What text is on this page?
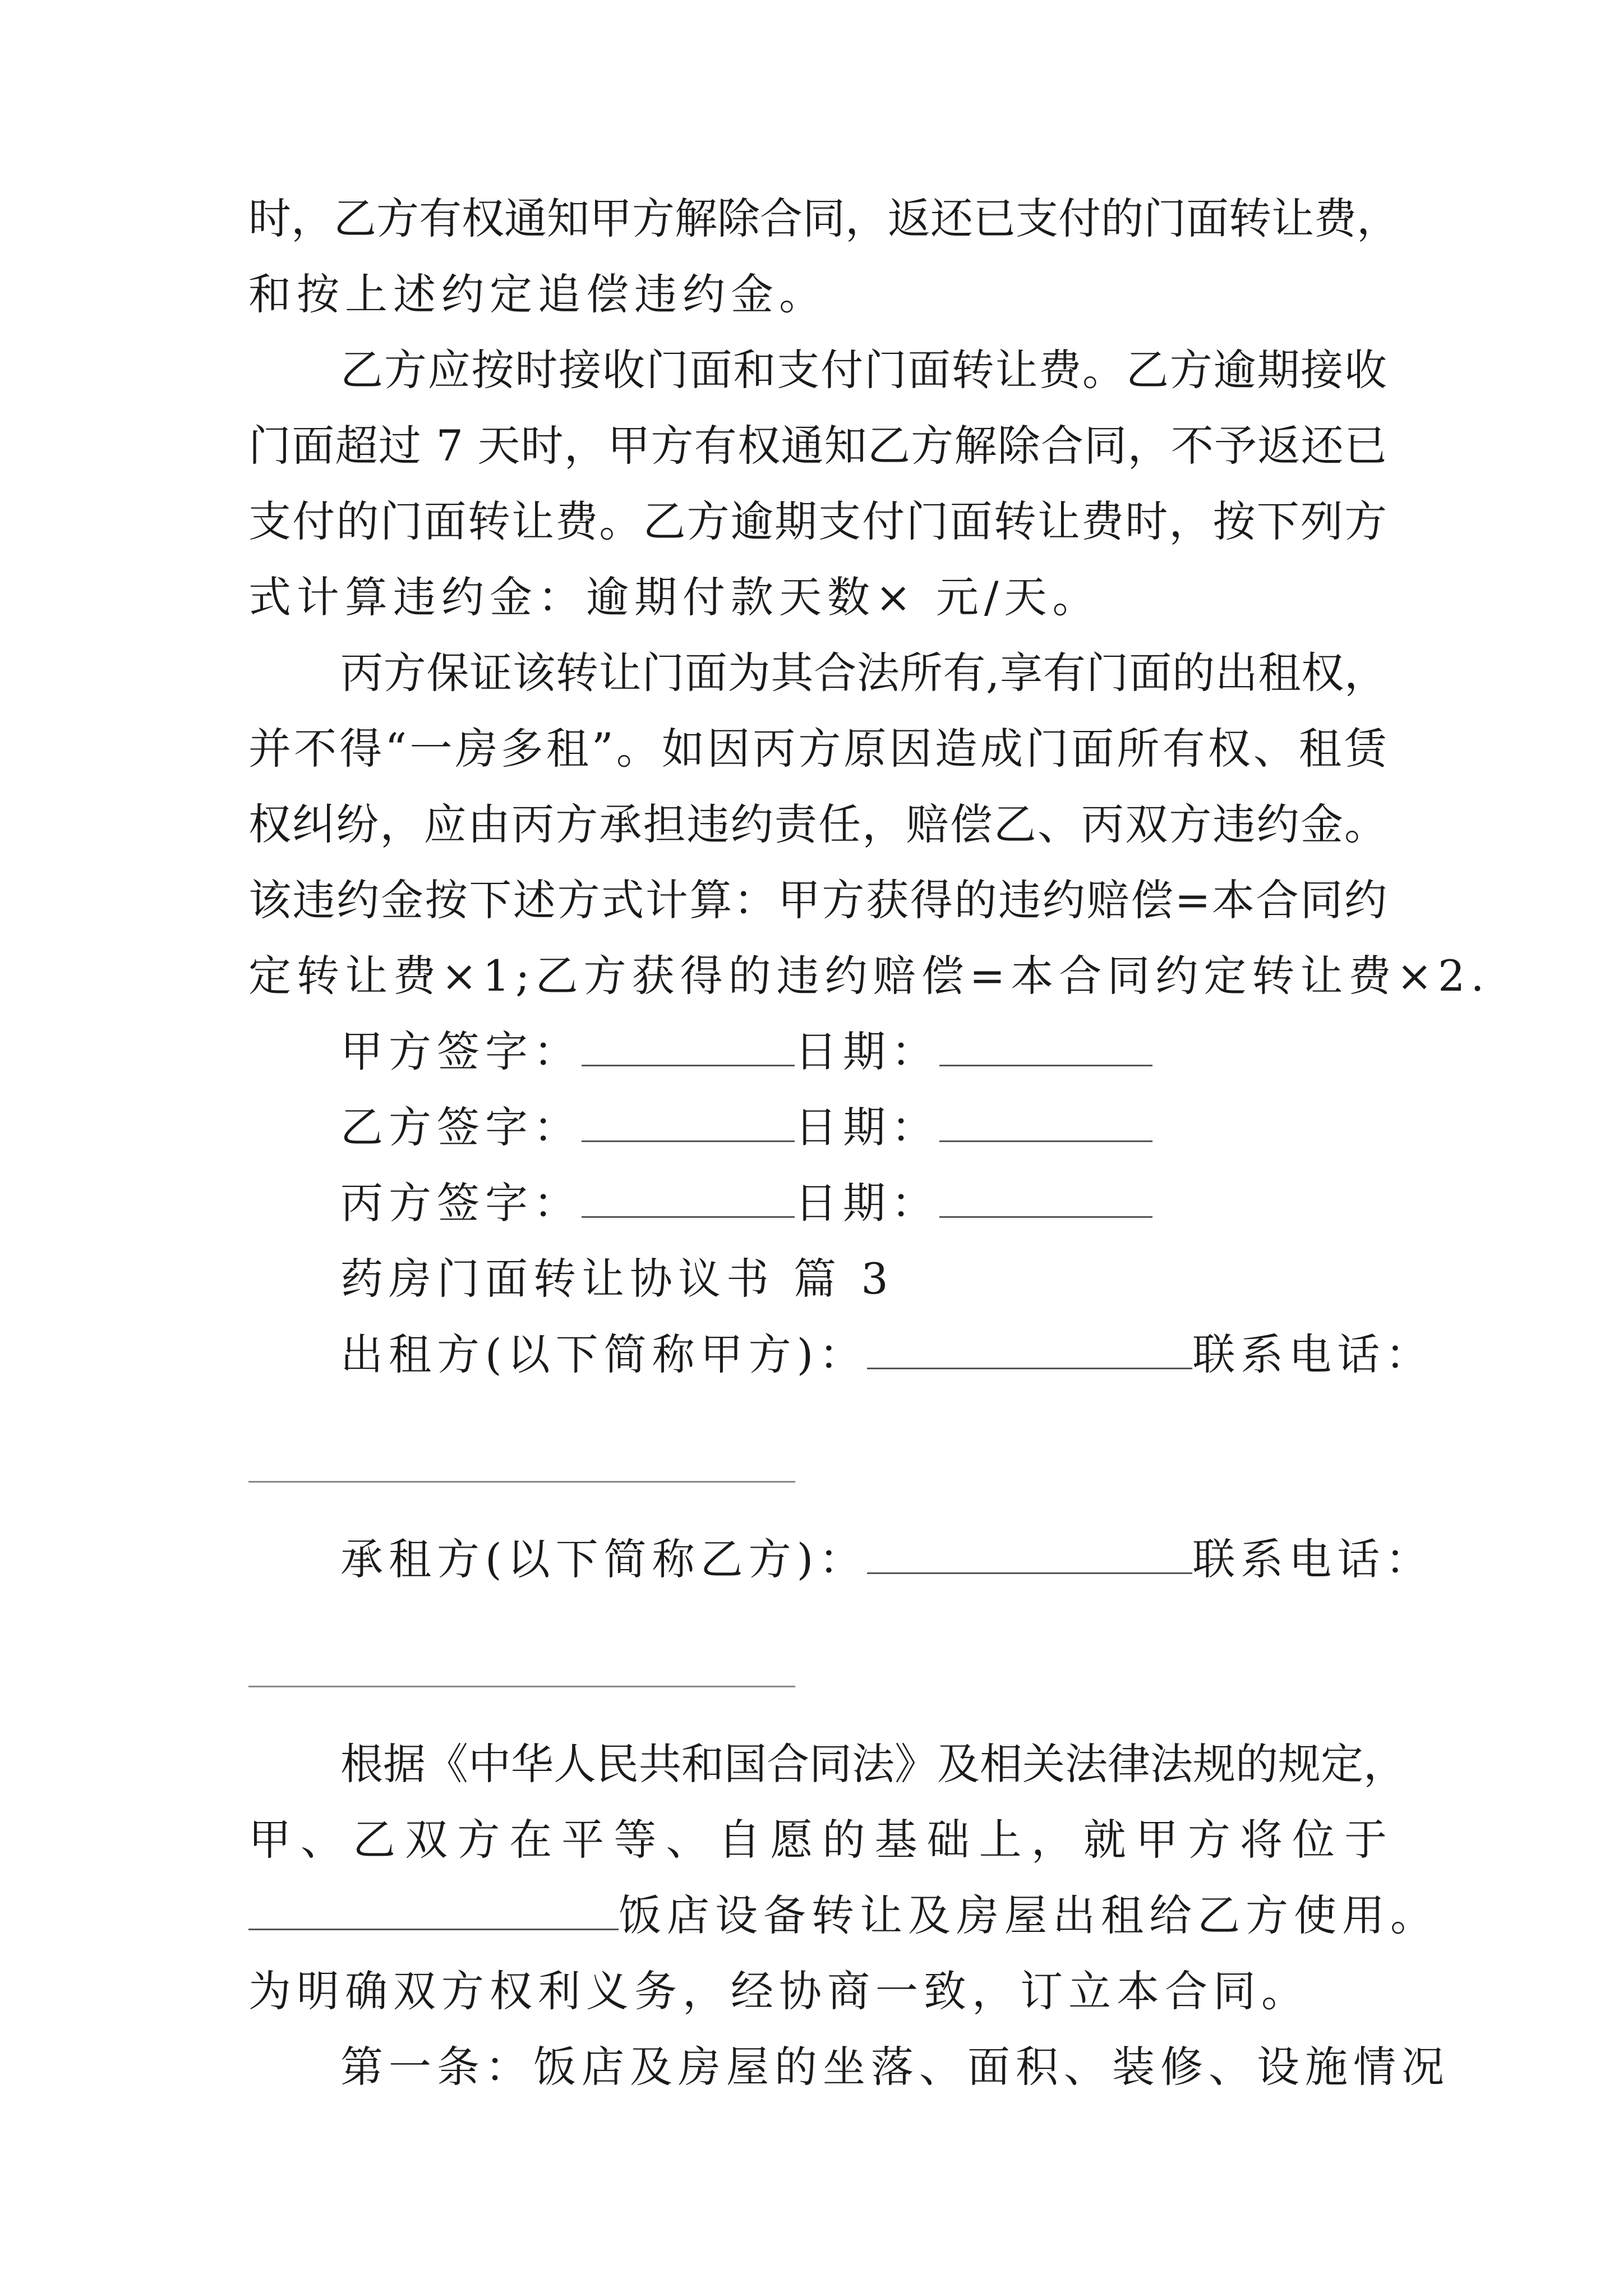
时，乙方有权通知甲方解除合同，返还已支付的门面转让费，
和按上述约定追偿违约金。
乙方应按时接收门面和支付门面转让费。乙方逾期接收
门面超过 7 天时，甲方有权通知乙方解除合同，不予返还已
支付的门面转让费。乙方逾期支付门面转让费时，按下列方
式计算违约金：逾期付款天数× 元/天。
丙方保证该转让门面为其合法所有,享有门面的出租权，
并不得“一房多租”。如因丙方原因造成门面所有权、租赁
权纠纷，应由丙方承担违约责任，赔偿乙、丙双方违约金。
该违约金按下述方式计算：甲方获得的违约赔偿=本合同约
定转让费×1;乙方获得的违约赔偿=本合同约定转让费×2.
甲方签字：	日期：
乙方签字：	日期：
丙方签字：	日期：
药房门面转让协议书 篇 3
出租方(以下简称甲方)：	联系电话：
承租方(以下简称乙方)：	联系电话：
根据《中华人民共和国合同法》及相关法律法规的规定，
甲、乙双方在平等、自愿的基础上，就甲方将位于
饭店设备转让及房屋出租给乙方使用。
为明确双方权利义务，经协商一致，订立本合同。
第一条：饭店及房屋的坐落、面积、装修、设施情况
